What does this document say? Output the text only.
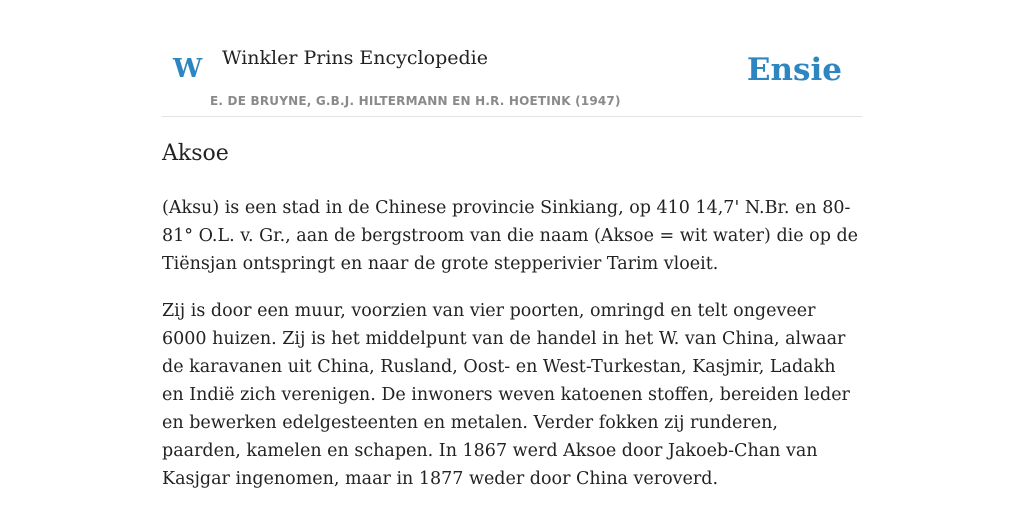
W Winkler Prins Encyclopedie
E. DE BRUYNE, G.B.J. HILTERMANN EN H.R. HOETINK (1947)
Ensie
Aksoe

(Aksu) is een stad in de Chinese provincie Sinkiang, op 410 14,7' N.Br. en 80-81° O.L. v. Gr., aan de bergstroom van die naam (Aksoe = wit water) die op de Tiënsjan ontspringt en naar de grote stepperivier Tarim vloeit.

Zij is door een muur, voorzien van vier poorten, omringd en telt ongeveer 6000 huizen. Zij is het middelpunt van de handel in het W. van China, alwaar de karavanen uit China, Rusland, Oost- en West-Turkestan, Kasjmir, Ladakh en Indië zich verenigen. De inwoners weven katoenen stoffen, bereiden leder en bewerken edelgesteenten en metalen. Verder fokken zij runderen, paarden, kamelen en schapen. In 1867 werd Aksoe door Jakoeb-Chan van Kasjgar ingenomen, maar in 1877 weder door China veroverd.
